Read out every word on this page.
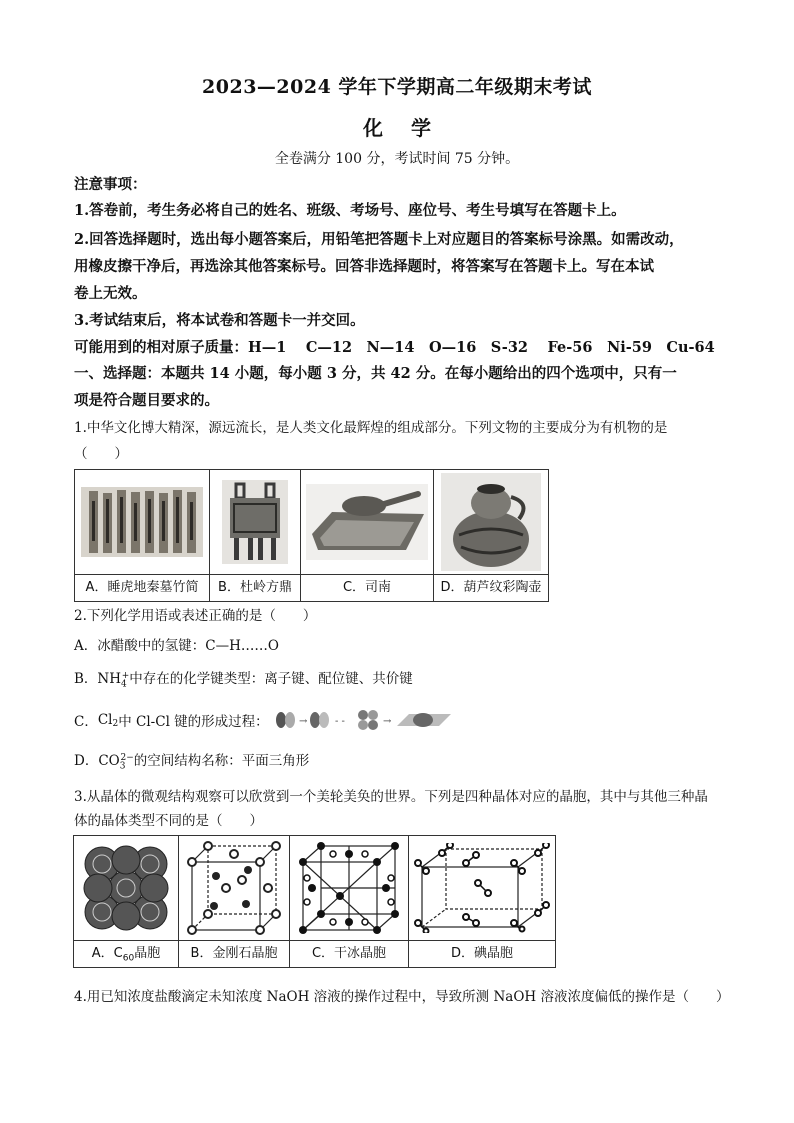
2023—2024 学年下学期高二年级期末考试
化学
全卷满分 100 分，考试时间 75 分钟。
注意事项：
1.答卷前，考生务必将自己的姓名、班级、考场号、座位号、考生号填写在答题卡上。
2.回答选择题时，选出每小题答案后，用铅笔把答题卡上对应题目的答案标号涂黑。如需改动，
用橡皮擦干净后，再选涂其他答案标号。回答非选择题时，将答案写在答题卡上。写在本试
卷上无效。
3.考试结束后，将本试卷和答题卡一并交回。
可能用到的相对原子质量：H—1　 C—12　N—14　O—16　S-32　 Fe-56　Ni-59　Cu-64
一、选择题：本题共 14 小题，每小题 3 分，共 42 分。在每小题给出的四个选项中，只有一
项是符合题目要求的。
1.中华文化博大精深，源远流长，是人类文化最辉煌的组成部分。下列文物的主要成分为有机物的是
（　　）

A．睡虎地秦墓竹简	B．杜岭方鼎	C．司南	D．葫芦纹彩陶壶
2.下列化学用语或表述正确的是（　　）
A．冰醋酸中的氢键：C—H……O
B．$NH_4^+$中存在的化学键类型：离子键、配位键、共价键
C． $Cl_2$ 中 Cl-Cl 键的形成过程：	→	- -	→
D．$CO_3^{2-}$的空间结构名称：平面三角形
3.从晶体的微观结构观察可以欣赏到一个美轮美奂的世界。下列是四种晶体对应的晶胞，其中与其他三种晶
体的晶体类型不同的是（　　）

A．$C_{60}$晶胞	B．金刚石晶胞	C．干冰晶胞	D．碘晶胞
4.用已知浓度盐酸滴定未知浓度 NaOH 溶液的操作过程中，导致所测 NaOH 溶液浓度偏低的操作是（　　）
